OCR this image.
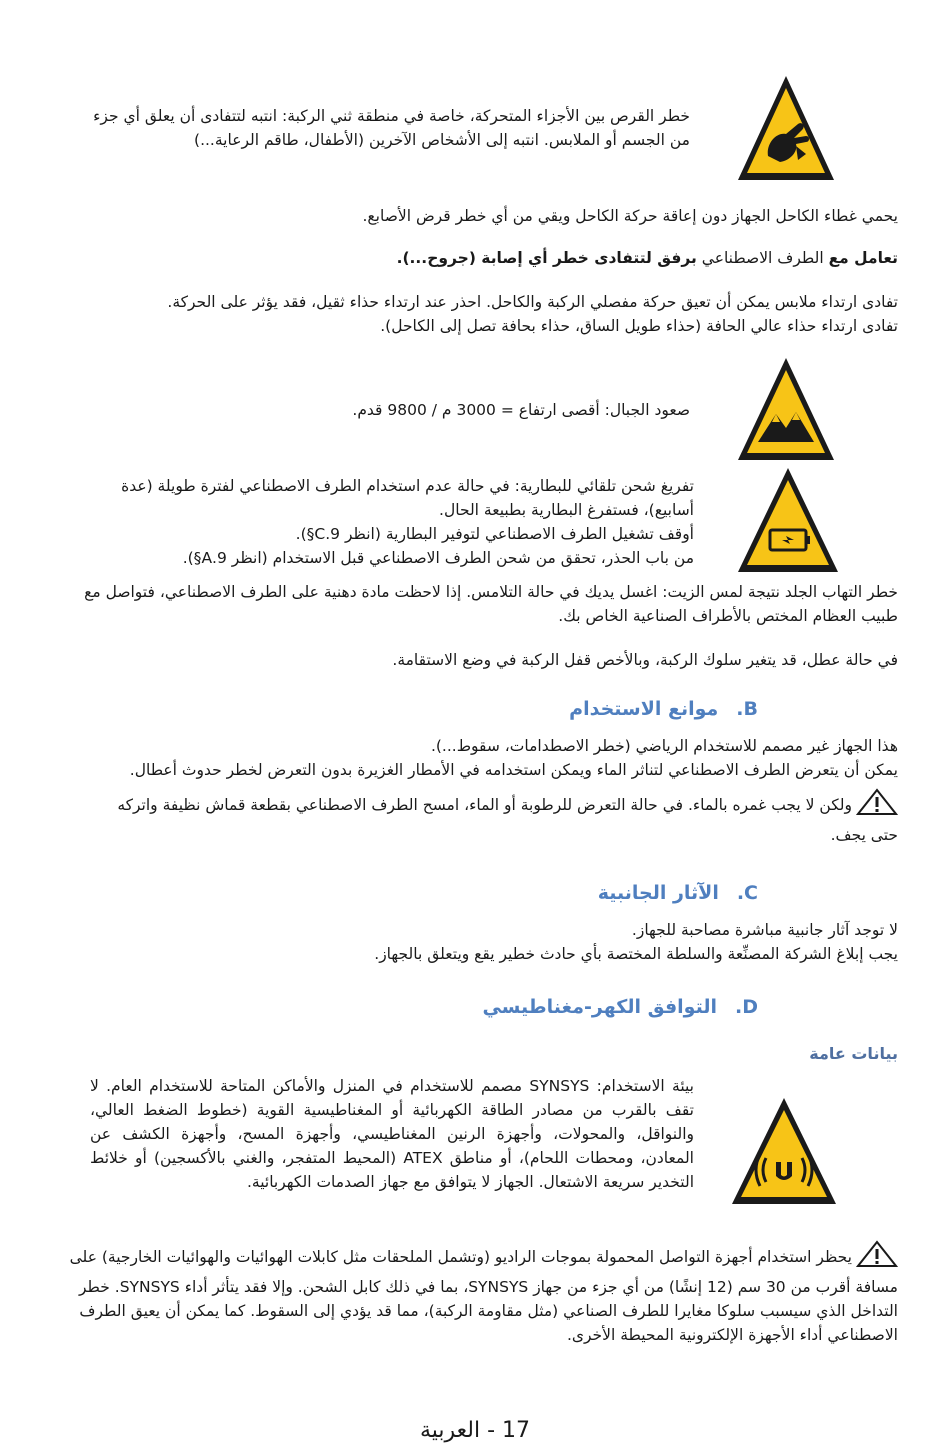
خطر القرص بين الأجزاء المتحركة، خاصة في منطقة ثني الركبة: انتبه لتتفادى أن يعلق أي جزء من الجسم أو الملابس. انتبه إلى الأشخاص الآخرين (الأطفال، طاقم الرعاية...)

يحمي غطاء الكاحل الجهاز دون إعاقة حركة الكاحل ويقي من أي خطر قرض الأصابع.

تعامل مع الطرف الاصطناعي برفق لتتفادى خطر أي إصابة (جروح...).

تفادى ارتداء ملابس يمكن أن تعيق حركة مفصلي الركبة والكاحل. احذر عند ارتداء حذاء ثقيل، فقد يؤثر على الحركة.

تفادى ارتداء حذاء عالي الحافة (حذاء طويل الساق، حذاء بحافة تصل إلى الكاحل).

صعود الجبال: أقصى ارتفاع = 3000 م / 9800 قدم.

تفريغ شحن تلقائي للبطارية: في حالة عدم استخدام الطرف الاصطناعي لفترة طويلة (عدة أسابيع)، فستفرغ البطارية بطبيعة الحال.

أوقف تشغيل الطرف الاصطناعي لتوفير البطارية (انظر C.9§).

من باب الحذر، تحقق من شحن الطرف الاصطناعي قبل الاستخدام (انظر 9.A§).

خطر التهاب الجلد نتيجة لمس الزيت: اغسل يديك في حالة التلامس. إذا لاحظت مادة دهنية على الطرف الاصطناعي، فتواصل مع طبيب العظام المختص بالأطراف الصناعية الخاص بك.

في حالة عطل، قد يتغير سلوك الركبة، وبالأخص قفل الركبة في وضع الاستقامة.

B.موانع الاستخدام

هذا الجهاز غير مصمم للاستخدام الرياضي (خطر الاصطدامات، سقوط...).

يمكن أن يتعرض الطرف الاصطناعي لتناثر الماء ويمكن استخدامه في الأمطار الغزيرة بدون التعرض لخطر حدوث أعطال.

ولكن لا يجب غمره بالماء. في حالة التعرض للرطوبة أو الماء، امسح الطرف الاصطناعي بقطعة قماش نظيفة واتركه حتى يجف.
C.الآثار الجانبية

لا توجد آثار جانبية مباشرة مصاحبة للجهاز.

يجب إبلاغ الشركة المصنِّعة والسلطة المختصة بأي حادث خطير يقع ويتعلق بالجهاز.

D.التوافق الكهر-مغناطيسي
بيانات عامة
بيئة الاستخدام: SYNSYS مصمم للاستخدام في المنزل والأماكن المتاحة للاستخدام العام. لا تقف بالقرب من مصادر الطاقة الكهربائية أو المغناطيسية القوية (خطوط الضغط العالي، والنواقل، والمحولات، وأجهزة الرنين المغناطيسي، وأجهزة المسح، وأجهزة الكشف عن المعادن، ومحطات اللحام)، أو مناطق ATEX (المحيط المتفجر، والغني بالأكسجين) أو خلائط التخدير سريعة الاشتعال. الجهاز لا يتوافق مع جهاز الصدمات الكهربائية.
يحظر استخدام أجهزة التواصل المحمولة بموجات الراديو (وتشمل الملحقات مثل كابلات الهوائيات والهوائيات الخارجية) على مسافة أقرب من 30 سم (12 إنشًا) من أي جزء من جهاز SYNSYS، بما في ذلك كابل الشحن. وإلا فقد يتأثر أداء SYNSYS. خطر التداخل الذي سيسبب سلوكا مغايرا للطرف الصناعي (مثل مقاومة الركبة)، مما قد يؤدي إلى السقوط. كما يمكن أن يعيق الطرف الاصطناعي أداء الأجهزة الإلكترونية المحيطة الأخرى.
17 - العربية
